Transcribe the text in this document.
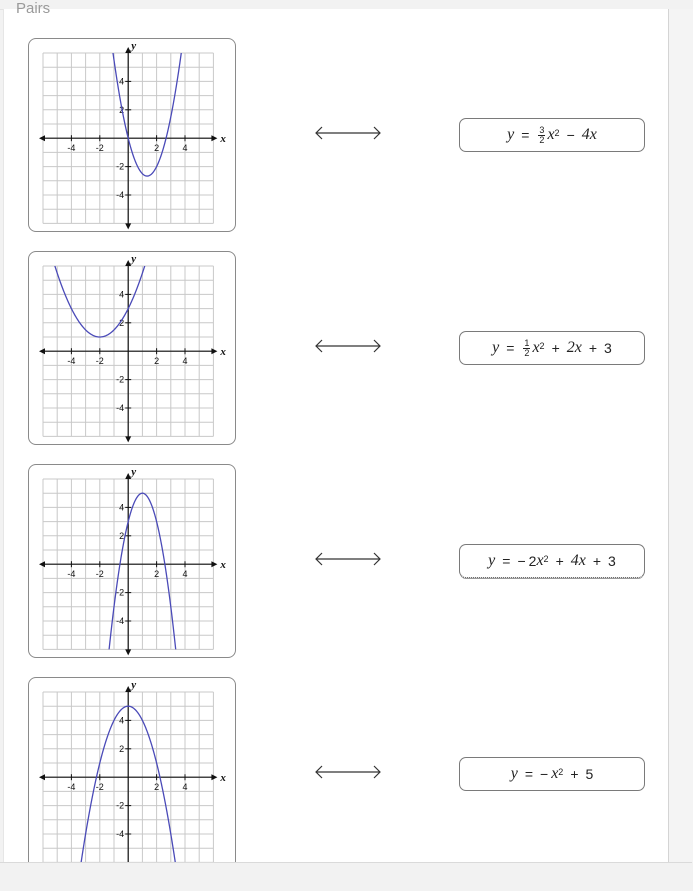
Pairs
-4 -2	2	4
4
2
-2
-4
x
y
$y = \frac{3}{2} x^2 - 4x$
-4 -2	2	4
4
2
-2
-4
x
y
$y = \frac{1}{2} x^2 + 2x + 3$
-4 -2	2	4
4
2
-2
-4
x
y
y = − 2 $x^2 + 4x + 3$
-4 -2	2	4
4
2
-2
-4
x
y
y = − $x^2 + 5$
